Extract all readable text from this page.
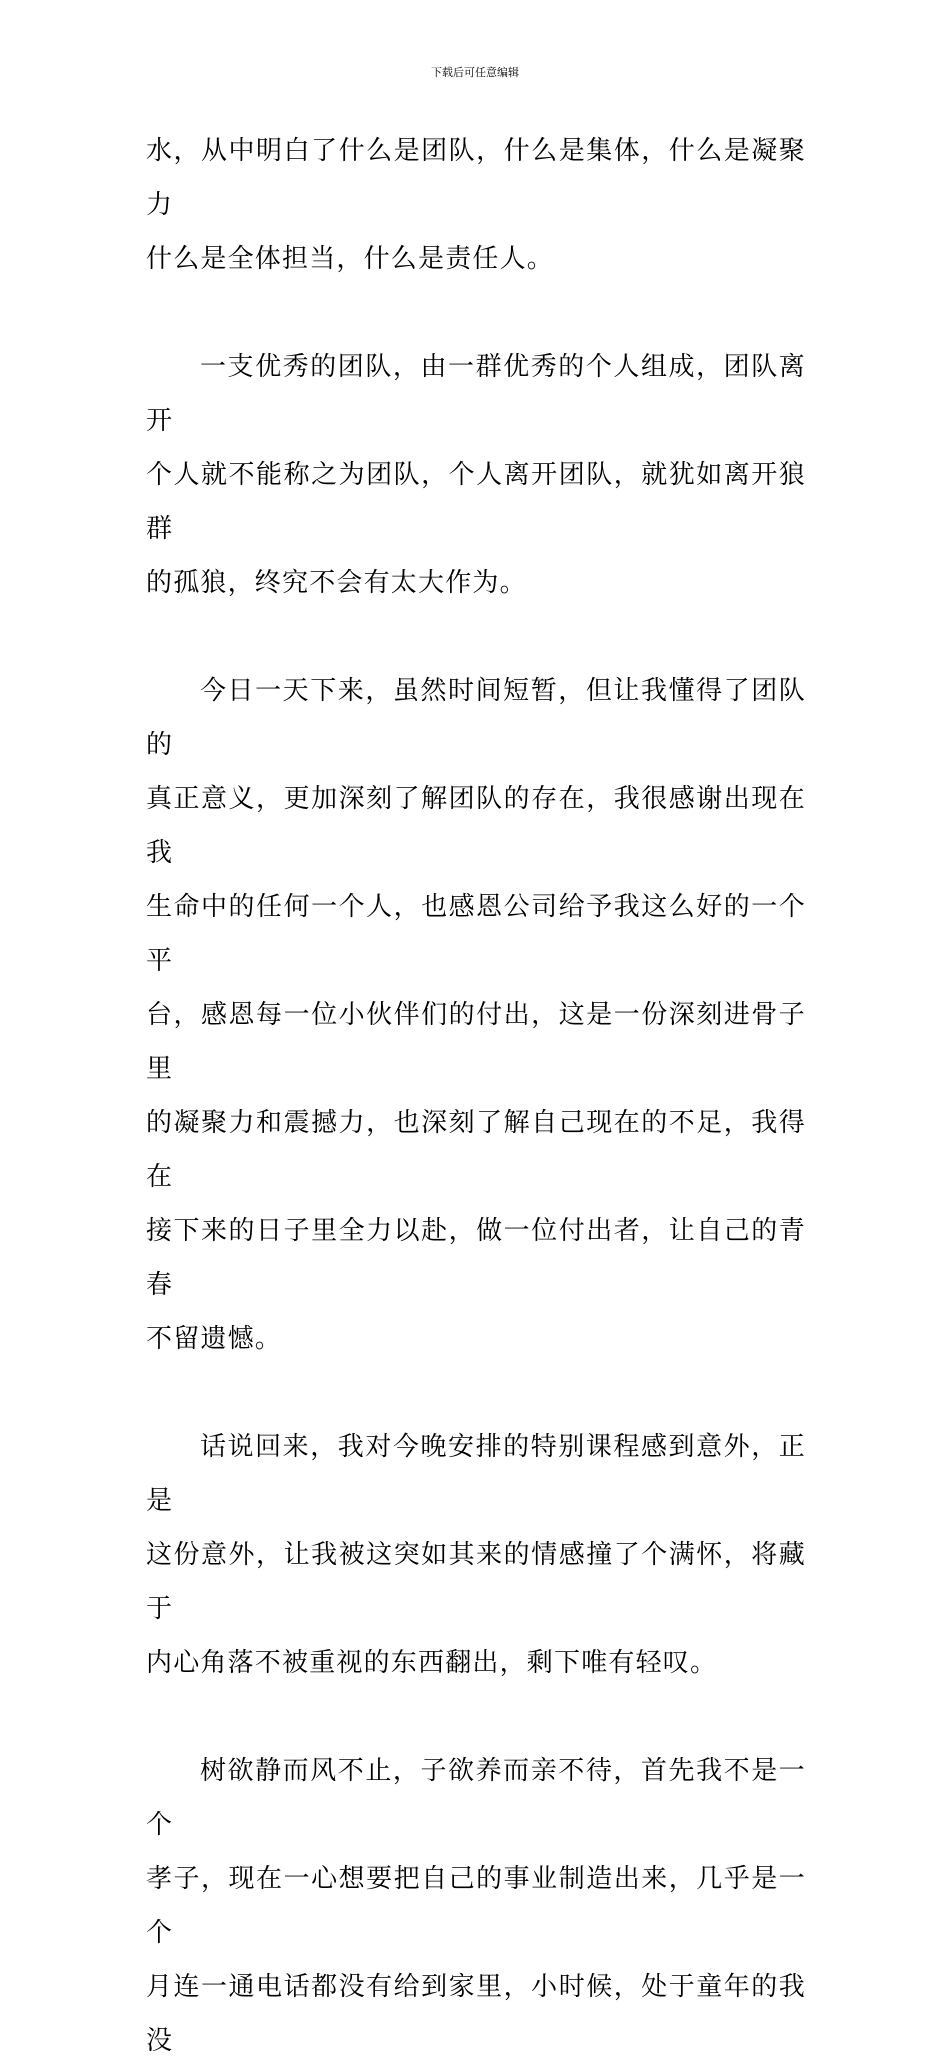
下载后可任意编辑

水，从中明白了什么是团队，什么是集体，什么是凝聚力
什么是全体担当，什么是责任人。

一支优秀的团队，由一群优秀的个人组成，团队离开
个人就不能称之为团队，个人离开团队，就犹如离开狼群
的孤狼，终究不会有太大作为。

今日一天下来，虽然时间短暂，但让我懂得了团队的
真正意义，更加深刻了解团队的存在，我很感谢出现在我
生命中的任何一个人，也感恩公司给予我这么好的一个平
台，感恩每一位小伙伴们的付出，这是一份深刻进骨子里
的凝聚力和震撼力，也深刻了解自己现在的不足，我得在
接下来的日子里全力以赴，做一位付出者，让自己的青春
不留遗憾。

话说回来，我对今晚安排的特别课程感到意外，正是
这份意外，让我被这突如其来的情感撞了个满怀，将藏于
内心角落不被重视的东西翻出，剩下唯有轻叹。

树欲静而风不止，子欲养而亲不待，首先我不是一个
孝子，现在一心想要把自己的事业制造出来，几乎是一个
月连一通电话都没有给到家里，小时候，处于童年的我没
